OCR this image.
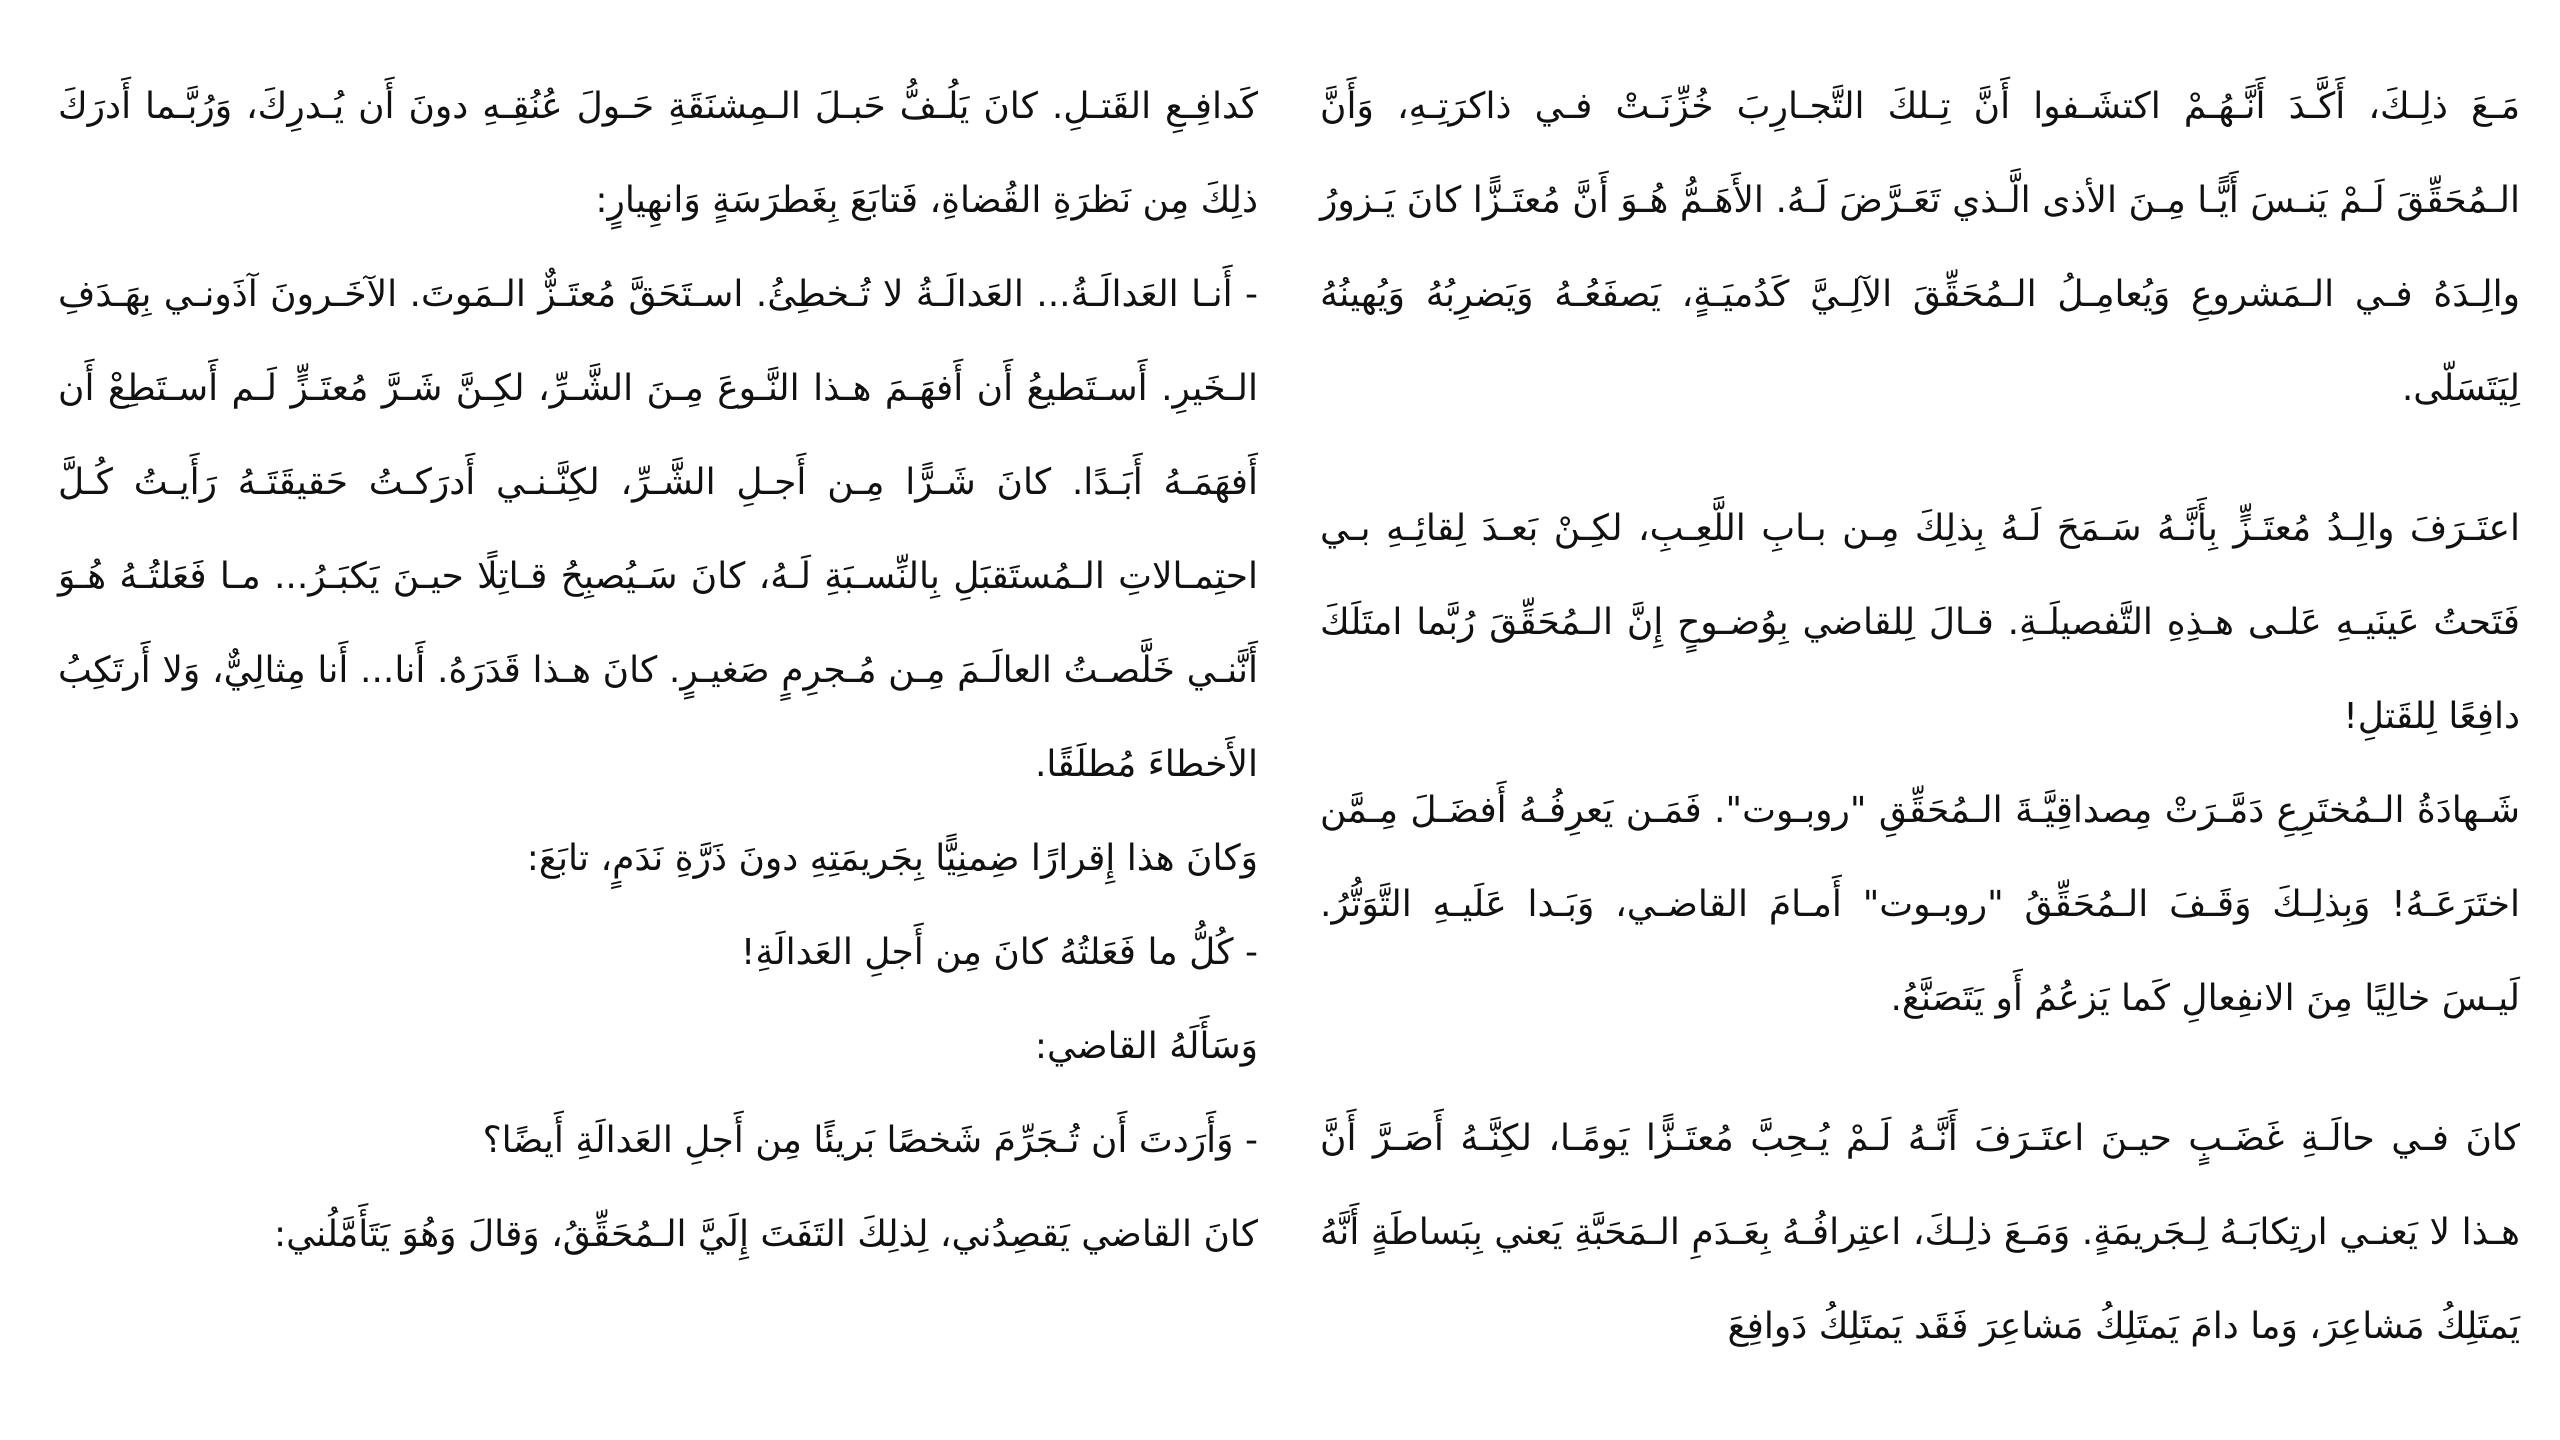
مَـعَ ذلِـكَ، أَكَّـدَ أَنَّـهُـمْ اكتشَـفوا أَنَّ تِـلكَ التَّجـارِبَ خُزِّنَـتْ فـي ذاكرَتِـهِ، وَأَنَّ الـمُحَقِّقَ لَـمْ يَنـسَ أَيًّـا مِـنَ الأذى الَّـذي تَعَـرَّضَ لَـهُ. الأَهَـمُّ هُـوَ أَنَّ مُعتَـزًّا كانَ يَـزورُ والِـدَهُ فـي الـمَشروعِ وَيُعامِـلُ الـمُحَقِّقَ الآلِـيَّ كَدُميَـةٍ، يَصفَعُـهُ وَيَضرِبُهُ وَيُهينُهُ لِيَتَسَلّى.

اعتَـرَفَ والِـدُ مُعتَـزٍّ بِأَنَّـهُ سَـمَحَ لَـهُ بِذلِكَ مِـن بـابِ اللَّعِـبِ، لكِـنْ بَعـدَ لِقائِـهِ بـي فَتَحتُ عَينَيـهِ عَلـى هـذِهِ التَّفصيلَـةِ. قـالَ لِلقاضي بِوُضـوحٍ إِنَّ الـمُحَقِّقَ رُبَّما امتَلَكَ دافِعًا لِلقَتلِ!

شَـهادَةُ الـمُختَرِعِ دَمَّـرَتْ مِصداقِيَّـةَ الـمُحَقِّقِ "روبـوت". فَمَـن يَعرِفُـهُ أَفضَـلَ مِـمَّن اختَرَعَـهُ! وَبِذلِـكَ وَقَـفَ الـمُحَقِّقُ "روبـوت" أَمـامَ القاضـي، وَبَـدا عَلَيـهِ التَّوَتُّرُ. لَيـسَ خالِيًا مِنَ الانفِعالِ كَما يَزعُمُ أَو يَتَصَنَّعُ.

كانَ فـي حالَـةِ غَضَـبٍ حيـنَ اعتَـرَفَ أَنَّـهُ لَـمْ يُـحِبَّ مُعتَـزًّا يَومًـا، لكِنَّـهُ أَصَـرَّ أَنَّ هـذا لا يَعنـي ارتِكابَـهُ لِـجَريمَةٍ. وَمَـعَ ذلِـكَ، اعتِرافُـهُ بِعَـدَمِ الـمَحَبَّةِ يَعني بِبَساطَةٍ أَنَّهُ يَمتَلِكُ مَشاعِرَ، وَما دامَ يَمتَلِكُ مَشاعِرَ فَقَد يَمتَلِكُ دَوافِعَ

كَدافِـعِ القَتـلِ. كانَ يَلُـفُّ حَبـلَ الـمِشنَقَةِ حَـولَ عُنُقِـهِ دونَ أَن يُـدرِكَ، وَرُبَّـما أَدرَكَ ذلِكَ مِن نَظرَةِ القُضاةِ، فَتابَعَ بِغَطرَسَةٍ وَانهِيارٍ:

- أَنـا العَدالَـةُ... العَدالَـةُ لا تُـخطِئُ. اسـتَحَقَّ مُعتَـزٌّ الـمَوتَ. الآخَـرونَ آذَونـي بِهَـدَفِ الـخَيرِ. أَسـتَطيعُ أَن أَفهَـمَ هـذا النَّـوعَ مِـنَ الشَّـرِّ، لكِـنَّ شَـرَّ مُعتَـزٍّ لَـم أَسـتَطِعْ أَن أَفهَمَـهُ أَبَـدًا. كانَ شَـرًّا مِـن أَجـلِ الشَّـرِّ، لكِنَّـنـي أَدرَكـتُ حَقيقَتَـهُ رَأَيـتُ كُـلَّ احتِمـالاتِ الـمُستَقبَلِ بِالنِّسـبَةِ لَـهُ، كانَ سَـيُصبِحُ قـاتِلًا حيـنَ يَكبَـرُ... مـا فَعَلتُـهُ هُـوَ أَنَّنـي خَلَّصـتُ العالَـمَ مِـن مُـجرِمٍ صَغيـرٍ. كانَ هـذا قَدَرَهُ. أَنا... أَنا مِثالِيٌّ، وَلا أَرتَكِبُ الأَخطاءَ مُطلَقًا.

وَكانَ هذا إِقرارًا ضِمنِيًّا بِجَريمَتِهِ دونَ ذَرَّةِ نَدَمٍ، تابَعَ:

- كُلُّ ما فَعَلتُهُ كانَ مِن أَجلِ العَدالَةِ!

وَسَأَلَهُ القاضي:

- وَأَرَدتَ أَن تُـجَرِّمَ شَخصًا بَريئًا مِن أَجلِ العَدالَةِ أَيضًا؟

كانَ القاضي يَقصِدُني، لِذلِكَ التَفَتَ إِلَيَّ الـمُحَقِّقُ، وَقالَ وَهُوَ يَتَأَمَّلُني:
